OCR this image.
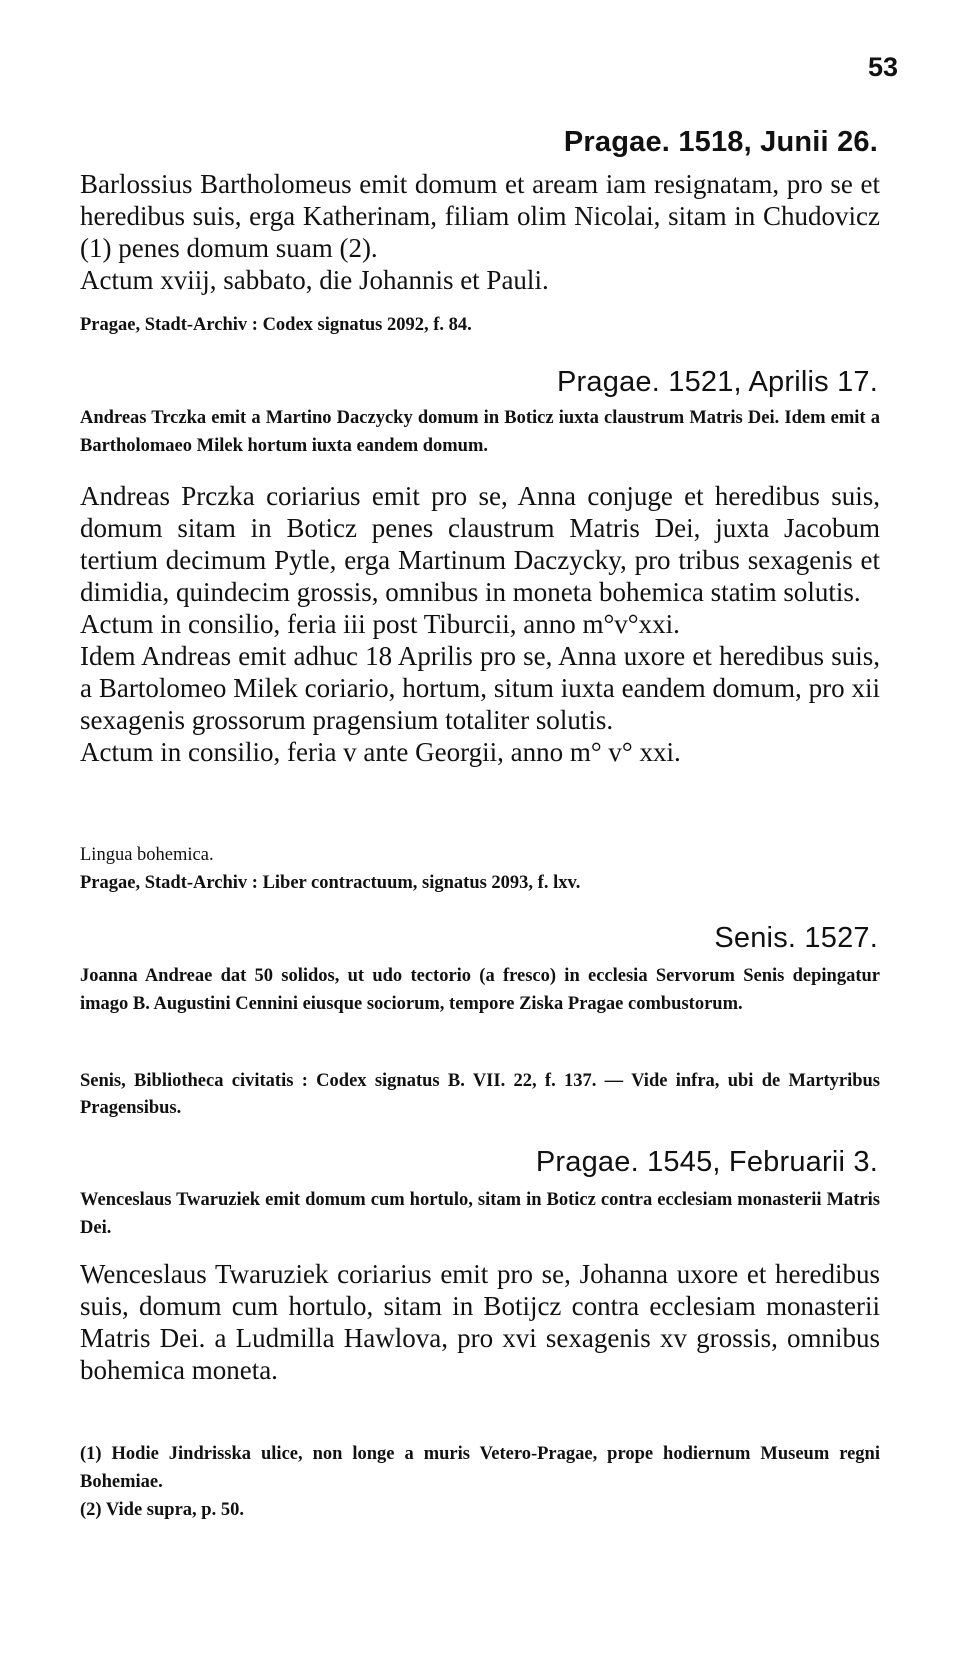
53
Pragae. 1518, Junii 26.

Barlossius Bartholomeus emit domum et aream iam resignatam, pro se et heredibus suis, erga Katherinam, filiam olim Nicolai, sitam in Chudovicz (1) penes domum suam (2).
Actum xviij, sabbato, die Johannis et Pauli.

Pragae, Stadt-Archiv : Codex signatus 2092, f. 84.

Pragae. 1521, Aprilis 17.

Andreas Trczka emit a Martino Daczycky domum in Boticz iuxta claustrum Matris Dei. Idem emit a Bartholomaeo Milek hortum iuxta eandem domum.

Andreas Prczka coriarius emit pro se, Anna conjuge et heredibus suis, domum sitam in Boticz penes claustrum Matris Dei, juxta Jacobum tertium decimum Pytle, erga Martinum Daczycky, pro tribus sexagenis et dimidia, quindecim grossis, omnibus in moneta bohemica statim solutis.
Actum in consilio, feria iii post Tiburcii, anno m°v°xxi.
Idem Andreas emit adhuc 18 Aprilis pro se, Anna uxore et heredibus suis, a Bartolomeo Milek coriario, hortum, situm iuxta eandem domum, pro xii sexagenis grossorum pragensium totaliter solutis.
Actum in consilio, feria v ante Georgii, anno m° v° xxi.

Lingua bohemica.

Pragae, Stadt-Archiv : Liber contractuum, signatus 2093, f. lxv.

Senis. 1527.

Joanna Andreae dat 50 solidos, ut udo tectorio (a fresco) in ecclesia Servorum Senis depingatur imago B. Augustini Cennini eiusque sociorum, tempore Ziska Pragae combustorum.

Senis, Bibliotheca civitatis : Codex signatus B. VII. 22, f. 137. — Vide infra, ubi de Martyribus Pragensibus.

Pragae. 1545, Februarii 3.

Wenceslaus Twaruziek emit domum cum hortulo, sitam in Boticz contra ecclesiam monasterii Matris Dei.

Wenceslaus Twaruziek coriarius emit pro se, Johanna uxore et heredibus suis, domum cum hortulo, sitam in Botijcz contra ecclesiam monasterii Matris Dei. a Ludmilla Hawlova, pro xvi sexagenis xv grossis, omnibus bohemica moneta.

(1) Hodie Jindrisska ulice, non longe a muris Vetero-Pragae, prope hodiernum Museum regni Bohemiae.

(2) Vide supra, p. 50.
